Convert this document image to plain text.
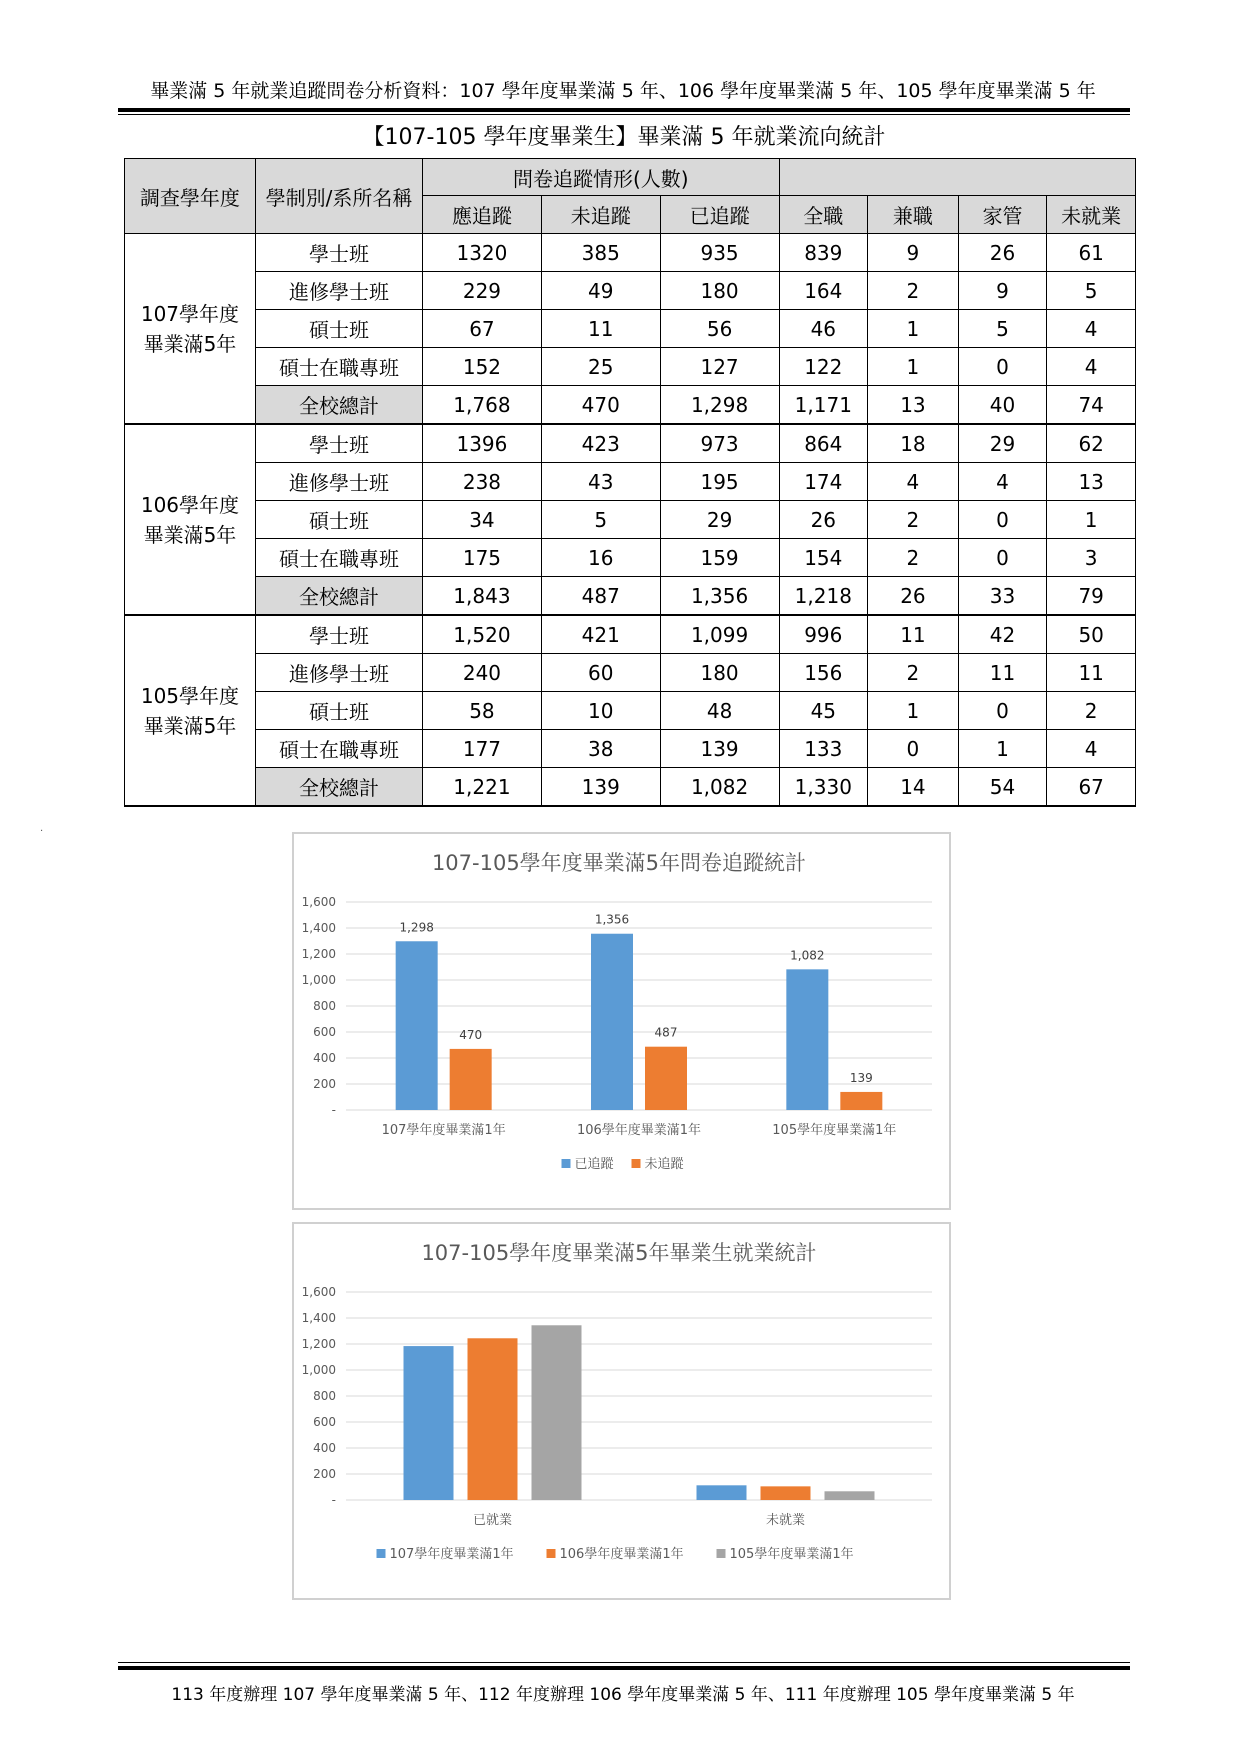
畢業滿 5 年就業追蹤問卷分析資料：107 學年度畢業滿 5 年、106 學年度畢業滿 5 年、105 學年度畢業滿 5 年
【107-105 學年度畢業生】畢業滿 5 年就業流向統計
調查學年度	學制別/系所名稱	問卷追蹤情形(人數)						
		應追蹤	未追蹤	已追蹤	全職	兼職	家管	未就業
107學年度
畢業滿5年	學士班	1320	385	935	839	9	26	61
	進修學士班	229	49	180	164	2	9	5
	碩士班	67	11	56	46	1	5	4
	碩士在職專班	152	25	127	122	1	0	4
	全校總計	1,768	470	1,298	1,171	13	40	74
106學年度
畢業滿5年	學士班	1396	423	973	864	18	29	62
	進修學士班	238	43	195	174	4	4	13
	碩士班	34	5	29	26	2	0	1
	碩士在職專班	175	16	159	154	2	0	3
	全校總計	1,843	487	1,356	1,218	26	33	79
105學年度
畢業滿5年	學士班	1,520	421	1,099	996	11	42	50
	進修學士班	240	60	180	156	2	11	11
	碩士班	58	10	48	45	1	0	2
	碩士在職專班	177	38	139	133	0	1	4
	全校總計	1,221	139	1,082	1,330	14	54	67
.
107-105學年度畢業滿5年問卷追蹤統計
-
200
400
600
800
1,000
1,200
1,400
1,600
1,298
470
107學年度畢業滿1年
1,356
487
106學年度畢業滿1年
1,082
139
105學年度畢業滿1年
已追蹤 未追蹤
107-105學年度畢業滿5年畢業生就業統計
-
200
400
600
800
1,000
1,200
1,400
1,600
已就業	未就業
107學年度畢業滿1年	106學年度畢業滿1年	105學年度畢業滿1年
113 年度辦理 107 學年度畢業滿 5 年、112 年度辦理 106 學年度畢業滿 5 年、111 年度辦理 105 學年度畢業滿 5 年
